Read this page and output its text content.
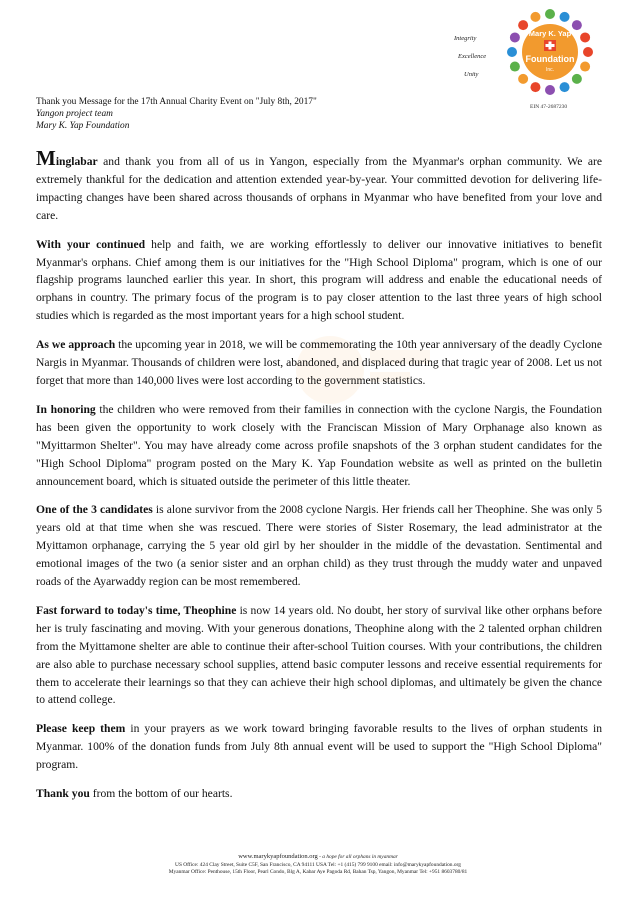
Integrity
Excellence
Unity
Mary K. Yap
Foundation
Inc.
EIN 47-2687230
Thank you Message for the 17th Annual Charity Event on "July 8th, 2017"
Yangon project team
Mary K. Yap Foundation

Minglabar and thank you from all of us in Yangon, especially from the Myanmar's orphan community. We are extremely thankful for the dedication and attention extended year-by-year. Your committed devotion for delivering life-impacting changes have been shared across thousands of orphans in Myanmar who have benefited from your love and care.

With your continued help and faith, we are working effortlessly to deliver our innovative initiatives to benefit Myanmar's orphans. Chief among them is our initiatives for the "High School Diploma" program, which is one of our flagship programs launched earlier this year. In short, this program will address and enable the educational needs of orphans in country. The primary focus of the program is to pay closer attention to the last three years of high school studies which is regarded as the most important years for a high school student.

As we approach the upcoming year in 2018, we will be commemorating the 10th year anniversary of the deadly Cyclone Nargis in Myanmar. Thousands of children were lost, abandoned, and displaced during that tragic year of 2008. Let us not forget that more than 140,000 lives were lost according to the government statistics.

In honoring the children who were removed from their families in connection with the cyclone Nargis, the Foundation has been given the opportunity to work closely with the Franciscan Mission of Mary Orphanage also known as "Myittarmon Shelter". You may have already come across profile snapshots of the 3 orphan student candidates for the "High School Diploma" program posted on the Mary K. Yap Foundation website as well as printed on the bulletin announcement board, which is situated outside the perimeter of this little theater.

One of the 3 candidates is alone survivor from the 2008 cyclone Nargis. Her friends call her Theophine. She was only 5 years old at that time when she was rescued. There were stories of Sister Rosemary, the lead administrator at the Myittamon orphanage, carrying the 5 year old girl by her shoulder in the middle of the devastation. Sentimental and emotional images of the two (a senior sister and an orphan child) as they trust through the muddy water and unpaved roads of the Ayarwaddy region can be most remembered.

Fast forward to today's time, Theophine is now 14 years old. No doubt, her story of survival like other orphans before her is truly fascinating and moving. With your generous donations, Theophine along with the 2 talented orphan children from the Myittamone shelter are able to continue their after-school Tuition courses. With your contributions, the children are also able to purchase necessary school supplies, attend basic computer lessons and receive essential requirements for them to accelerate their learnings so that they can achieve their high school diplomas, and ultimately be given the chance to attend college.

Please keep them in your prayers as we work toward bringing favorable results to the lives of orphan students in Myanmar. 100% of the donation funds from July 8th annual event will be used to support the "High School Diploma" program.

Thank you from the bottom of our hearts.

www.marykyapfoundation.org - a hope for all orphans in myanmar
US Office: 424 Clay Street, Suite C5F, San Francisco, CA 94111 USA Tel: +1 (415) 799 9100 email: info@marykyapfoundation.org
Myanmar Office: Penthouse, 15th Floor, Pearl Condo, Blg A, Kabar Aye Pagoda Rd, Bahan Tsp, Yangon, Myanmar Tel: +951 8603780/81
